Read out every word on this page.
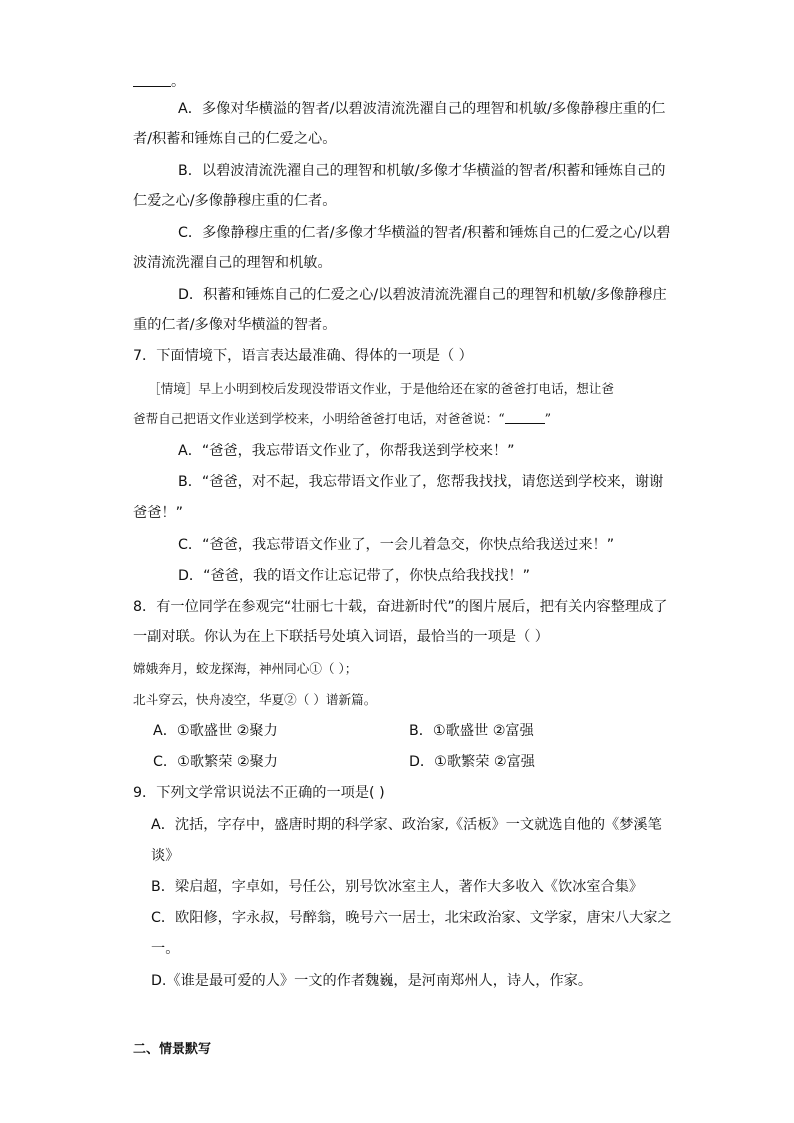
。
A．多像对华横溢的智者/以碧波清流洗濯自己的理智和机敏/多像静穆庄重的仁
者/积蓄和锤炼自己的仁爱之心。
B．以碧波清流洗濯自己的理智和机敏/多像才华横溢的智者/积蓄和锤炼自己的
仁爱之心/多像静穆庄重的仁者。
C．多像静穆庄重的仁者/多像才华横溢的智者/积蓄和锤炼自己的仁爱之心/以碧
波清流洗濯自己的理智和机敏。
D．积蓄和锤炼自己的仁爱之心/以碧波清流洗濯自己的理智和机敏/多像静穆庄
重的仁者/多像对华横溢的智者。
7．下面情境下，语言表达最准确、得体的一项是（ ）
［情境］早上小明到校后发现没带语文作业，于是他给还在家的爸爸打电话，想让爸
爸帮自己把语文作业送到学校来，小明给爸爸打电话，对爸爸说：“	”
A．“爸爸，我忘带语文作业了，你帮我送到学校来！”
B．“爸爸，对不起，我忘带语文作业了，您帮我找找，请您送到学校来，谢谢
爸爸！”
C．“爸爸，我忘带语文作业了，一会儿着急交，你快点给我送过来！”
D．“爸爸，我的语文作让忘记带了，你快点给我找找！”
8．有一位同学在参观完“壮丽七十载，奋进新时代”的图片展后，把有关内容整理成了
一副对联。你认为在上下联括号处填入词语，最恰当的一项是（ ）
嫦娥奔月，蛟龙探海，神州同心①（ ）；
北斗穿云，快舟凌空，华夏②（ ）谱新篇。
A．①歌盛世 ②聚力	B．①歌盛世 ②富强
C．①歌繁荣 ②聚力	D．①歌繁荣 ②富强
9．下列文学常识说法不正确的一项是( )
A．沈括，字存中，盛唐时期的科学家、政治家,《活板》一文就选自他的《梦溪笔
谈》
B．梁启超，字卓如，号任公，别号饮冰室主人，著作大多收入《饮冰室合集》
C．欧阳修，字永叔，号醉翁，晚号六一居士，北宋政治家、文学家，唐宋八大家之
一。
D.《谁是最可爱的人》一文的作者魏巍，是河南郑州人，诗人，作家。
二、情景默写
